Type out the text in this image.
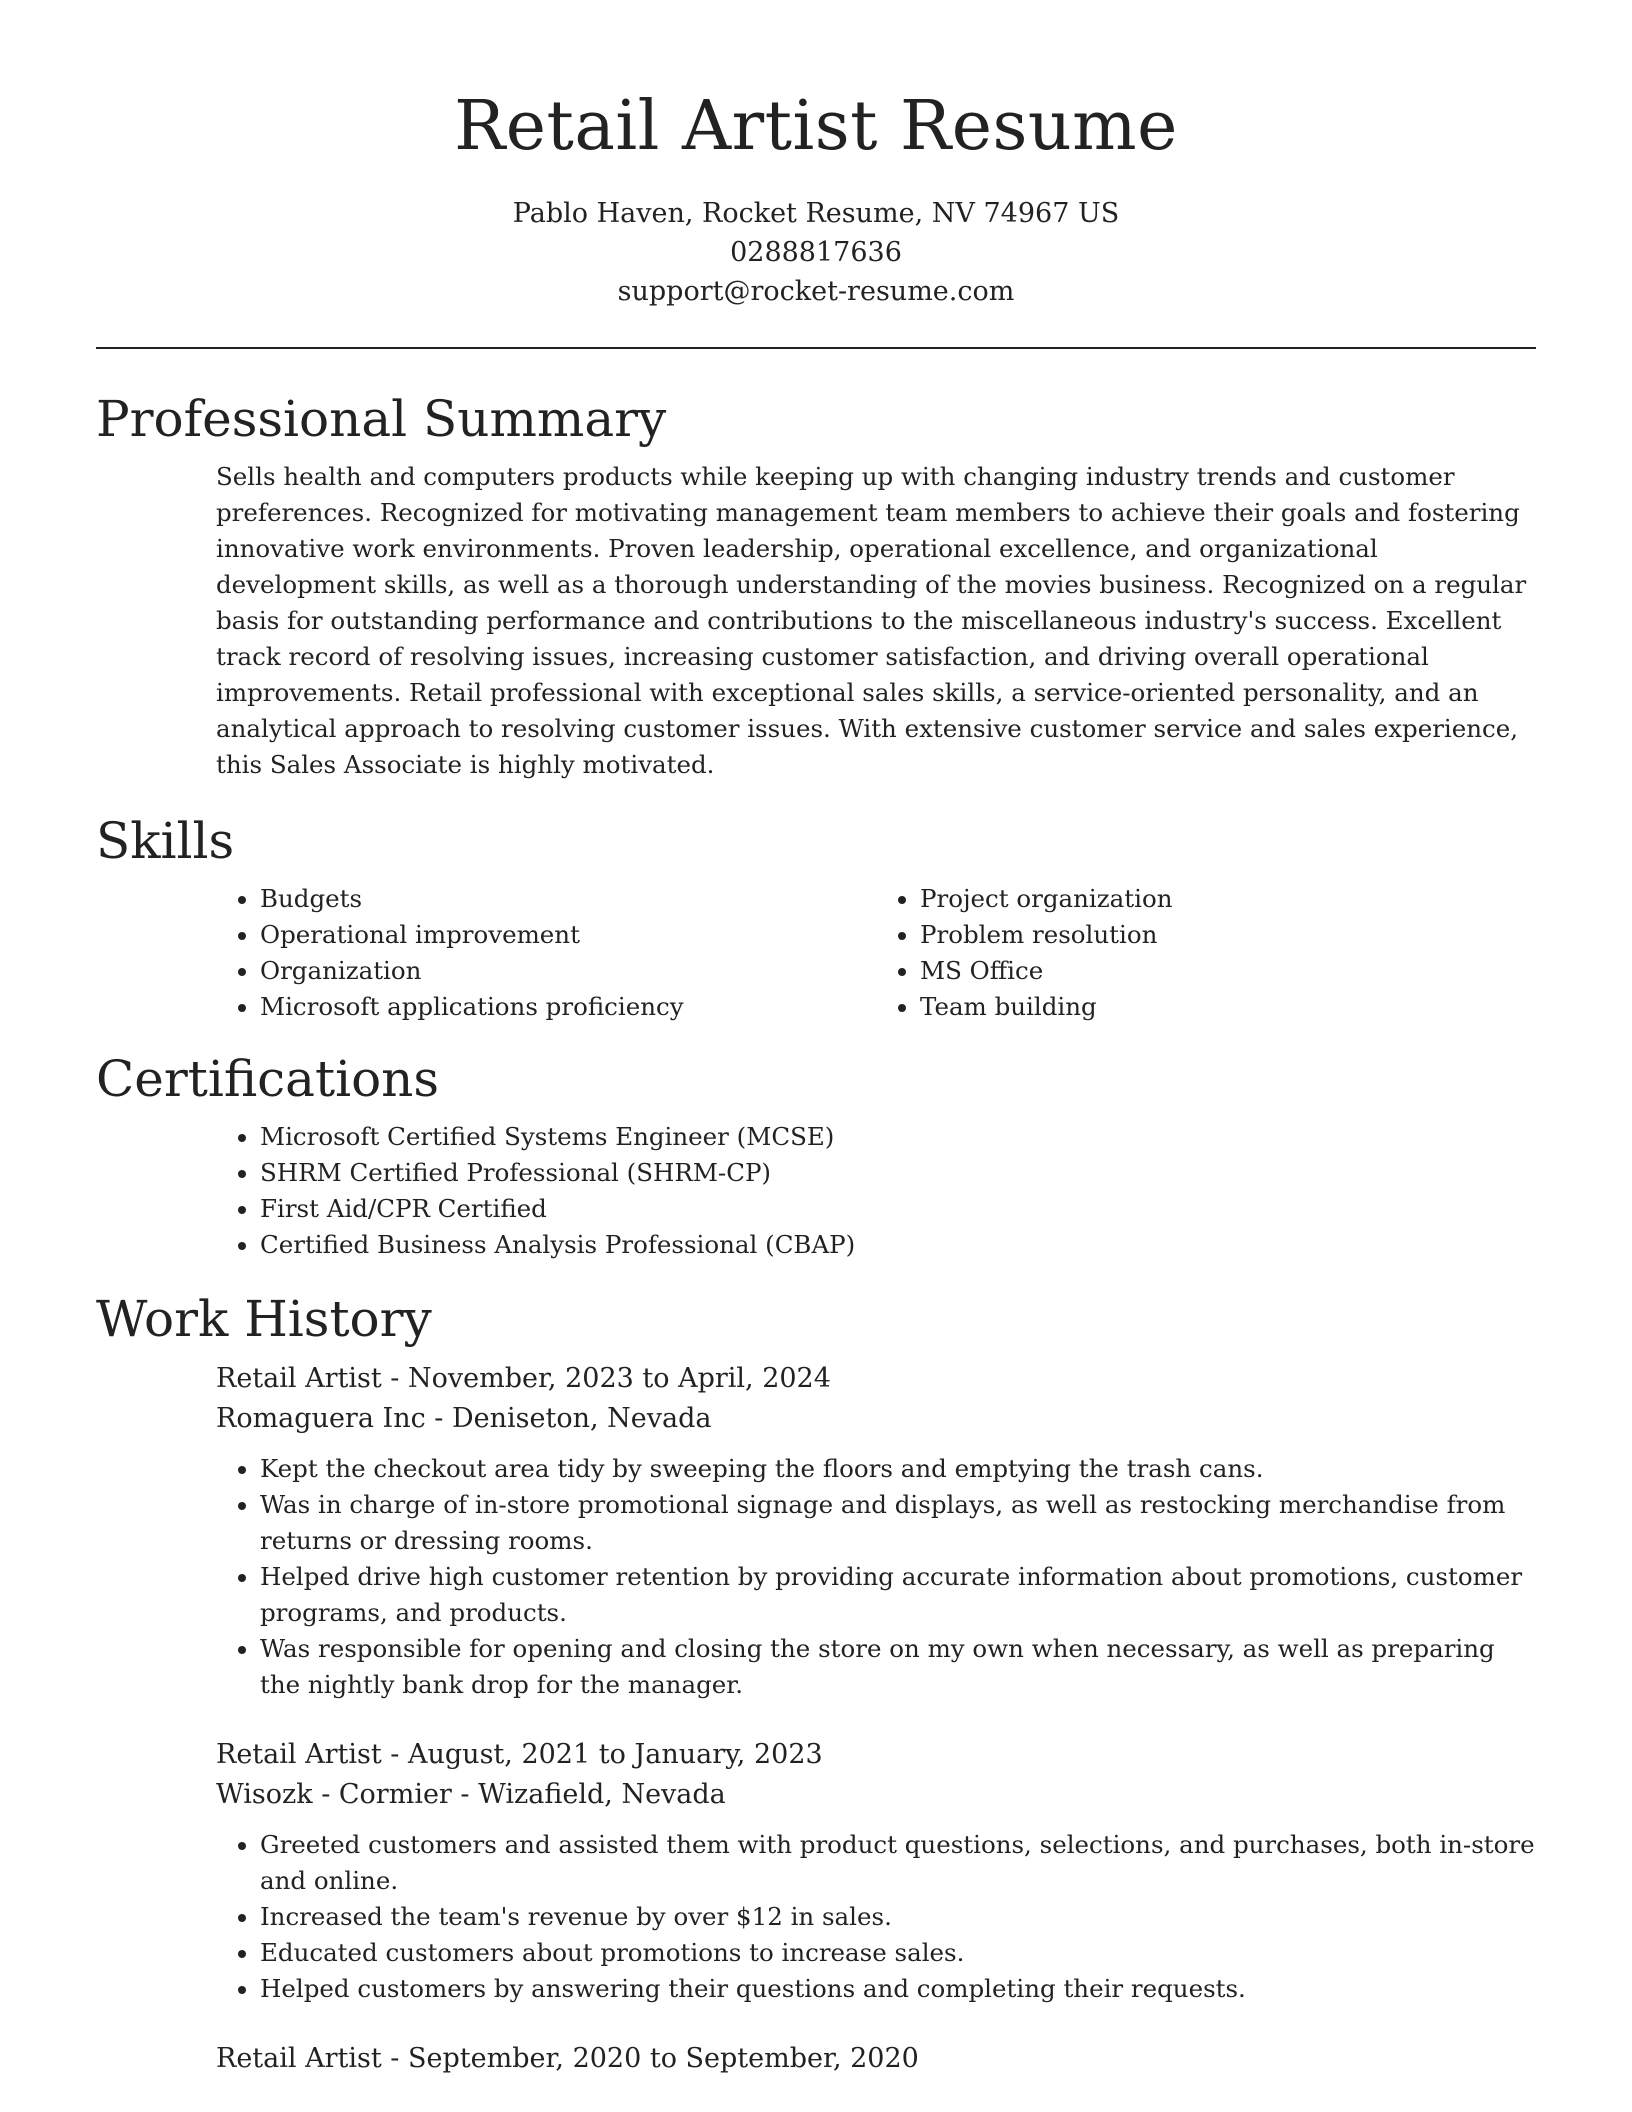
Retail Artist Resume
Pablo Haven, Rocket Resume, NV 74967 US
0288817636
support@rocket-resume.com
Professional Summary
Sells health and computers products while keeping up with changing industry trends and customer preferences. Recognized for motivating management team members to achieve their goals and fostering innovative work environments. Proven leadership, operational excellence, and organizational development skills, as well as a thorough understanding of the movies business. Recognized on a regular basis for outstanding performance and contributions to the miscellaneous industry's success. Excellent track record of resolving issues, increasing customer satisfaction, and driving overall operational improvements. Retail professional with exceptional sales skills, a service-oriented personality, and an analytical approach to resolving customer issues. With extensive customer service and sales experience, this Sales Associate is highly motivated.
Skills
• Budgets
• Operational improvement
• Organization
• Microsoft applications proficiency
• Project organization
• Problem resolution
• MS Office
• Team building
Certifications
• Microsoft Certified Systems Engineer (MCSE)
• SHRM Certified Professional (SHRM-CP)
• First Aid/CPR Certified
• Certified Business Analysis Professional (CBAP)
Work History
Retail Artist - November, 2023 to April, 2024
Romaguera Inc - Deniseton, Nevada
• Kept the checkout area tidy by sweeping the floors and emptying the trash cans.
• Was in charge of in-store promotional signage and displays, as well as restocking merchandise from returns or dressing rooms.
• Helped drive high customer retention by providing accurate information about promotions, customer programs, and products.
• Was responsible for opening and closing the store on my own when necessary, as well as preparing the nightly bank drop for the manager.
Retail Artist - August, 2021 to January, 2023
Wisozk - Cormier - Wizafield, Nevada
• Greeted customers and assisted them with product questions, selections, and purchases, both in-store and online.
• Increased the team's revenue by over $12 in sales.
• Educated customers about promotions to increase sales.
• Helped customers by answering their questions and completing their requests.
Retail Artist - September, 2020 to September, 2020
